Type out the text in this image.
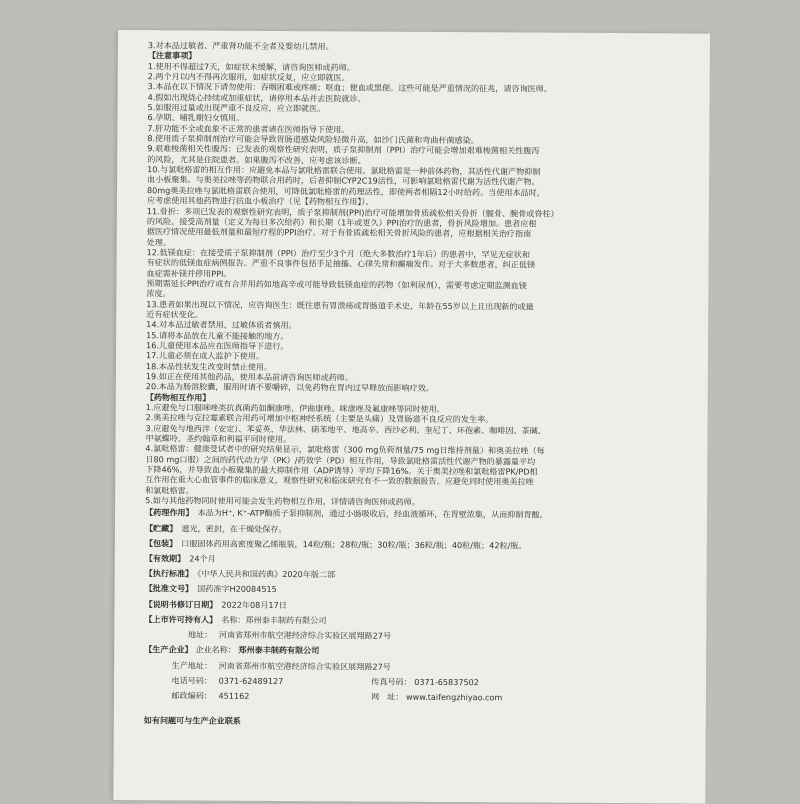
3.对本品过敏者、严重肾功能不全者及婴幼儿禁用。
【注意事项】
1.使用不得超过7天，如症状未缓解，请咨询医师或药师。
2.两个月以内不得再次服用，如症状反复，应立即就医。
3.本品在以下情况下请勿使用：吞咽困难或疼痛；呕血；便血或黑便。这些可能是严重情况的征兆，请咨询医师。
4.假如出现烧心持续或加重症状，请停用本品并去医院就诊。
5.如服用过量或出现严重不良反应，应立即就医。
6.孕期、哺乳期妇女慎用。
7.肝功能不全或血象不正常的患者请在医师指导下使用。
8.使用质子泵抑制剂治疗可能会导致胃肠道感染风险轻微升高，如沙门氏菌和弯曲杆菌感染。
9.艰难梭菌相关性腹泻：已发表的观察性研究表明，质子泵抑制剂（PPI）治疗可能会增加艰难梭菌相关性腹泻
的风险，尤其是住院患者。如果腹泻不改善，应考虑该诊断。
10.与氯吡格雷的相互作用：应避免本品与氯吡格雷联合使用。氯吡格雷是一种前体药物，其活性代谢产物抑制
血小板聚集。与奥美拉唑等药物联合用药时，后者抑制CYP2C19活性，可影响氯吡格雷代谢为活性代谢产物。
80mg奥美拉唑与氯吡格雷联合使用，可降低氯吡格雷的药理活性，即使两者相隔12小时给药。当使用本品时，
应考虑使用其他药物进行抗血小板治疗（见【药物相互作用】）。
11.骨折：多项已发表的观察性研究表明，质子泵抑制剂(PPI)治疗可能增加骨质疏松相关骨折（髋骨、腕骨或脊柱）
的风险。接受高剂量（定义为每日多次给药）和长期（1年或更久）PPI治疗的患者，骨折风险增加。患者应根
据医疗情况使用最低剂量和最短疗程的PPI治疗。对于有骨质疏松相关骨折风险的患者，应根据相关治疗指南
处理。
12.低镁血症：在接受质子泵抑制剂（PPI）治疗至少3个月（绝大多数治疗1年后）的患者中，罕见无症状和
有症状的低镁血症病例报告。严重不良事件包括手足抽搐、心律失常和癫痫发作。对于大多数患者，纠正低镁
血症需补镁并停用PPI。
预期需延长PPI治疗或有合并用药如地高辛或可能导致低镁血症的药物（如利尿剂），需要考虑定期监测血镁
浓度。
13.患者如果出现以下情况，应咨询医生：既往患有胃溃疡或胃肠道手术史，年龄在55岁以上且出现新的或最
近有症状变化。
14.对本品过敏者禁用，过敏体质者慎用。
15.请将本品放在儿童不能接触的地方。
16.儿童使用本品应在医师指导下进行。
17.儿童必须在成人监护下使用。
18.本品性状发生改变时禁止使用。
19.如正在使用其他药品，使用本品前请咨询医师或药师。
20.本品为肠溶胶囊，服用时请不要嚼碎，以免药物在胃内过早释放而影响疗效。
【药物相互作用】
1.应避免与口服咪唑类抗真菌药如酮康唑、伊曲康唑、咪康唑及氟康唑等同时使用。
2.奥美拉唑与克拉霉素联合用药可增加中枢神经系统（主要是头痛）及胃肠道不良反应的发生率。
3.应避免与地西泮（安定）、苯妥英、华法林、硝苯地平、地高辛、西沙必利、奎尼丁、环孢素、咖啡因、茶碱、
甲氨蝶呤、圣约翰草和利福平同时使用。
4.氯吡格雷：健康受试者中的研究结果显示，氯吡格雷（300 mg负荷剂量/75 mg日维持剂量）和奥美拉唑（每
日80 mg口服）之间的药代动力学（PK）/药效学（PD）相互作用，导致氯吡格雷活性代谢产物的暴露量平均
下降46%，并导致血小板聚集的最大抑制作用（ADP诱导）平均下降16%。关于奥美拉唑和氯吡格雷PK/PD相
互作用在重大心血管事件的临床意义，观察性研究和临床研究有不一致的数据报告。应避免同时使用奥美拉唑
和氯吡格雷。
5.如与其他药物同时使用可能会发生药物相互作用，详情请咨询医师或药师。
【药理作用】 本品为H⁺, K⁺-ATP酶质子泵抑制剂，通过小肠吸收后，经血液循环，在胃壁浓集，从而抑制胃酸。
【贮藏】 遮光，密封，在干燥处保存。
【包装】 口服固体药用高密度聚乙烯瓶装，14粒/瓶；28粒/瓶；30粒/瓶；36粒/瓶；40粒/瓶；42粒/瓶。
【有效期】 24个月
【执行标准】 《中华人民共和国药典》2020年版二部
【批准文号】 国药准字H20084515
【说明书修订日期】 2022年08月17日
【上市许可持有人】 名称：郑州泰丰制药有限公司
地址： 河南省郑州市航空港经济综合实验区展翔路27号
【生产企业】 企业名称： 郑州泰丰制药有限公司
生产地址： 河南省郑州市航空港经济综合实验区展翔路27号
电话号码： 0371-62489127	传真号码： 0371-65837502
邮政编码： 451162	网　址： www.taifengzhiyao.com
如有问题可与生产企业联系
